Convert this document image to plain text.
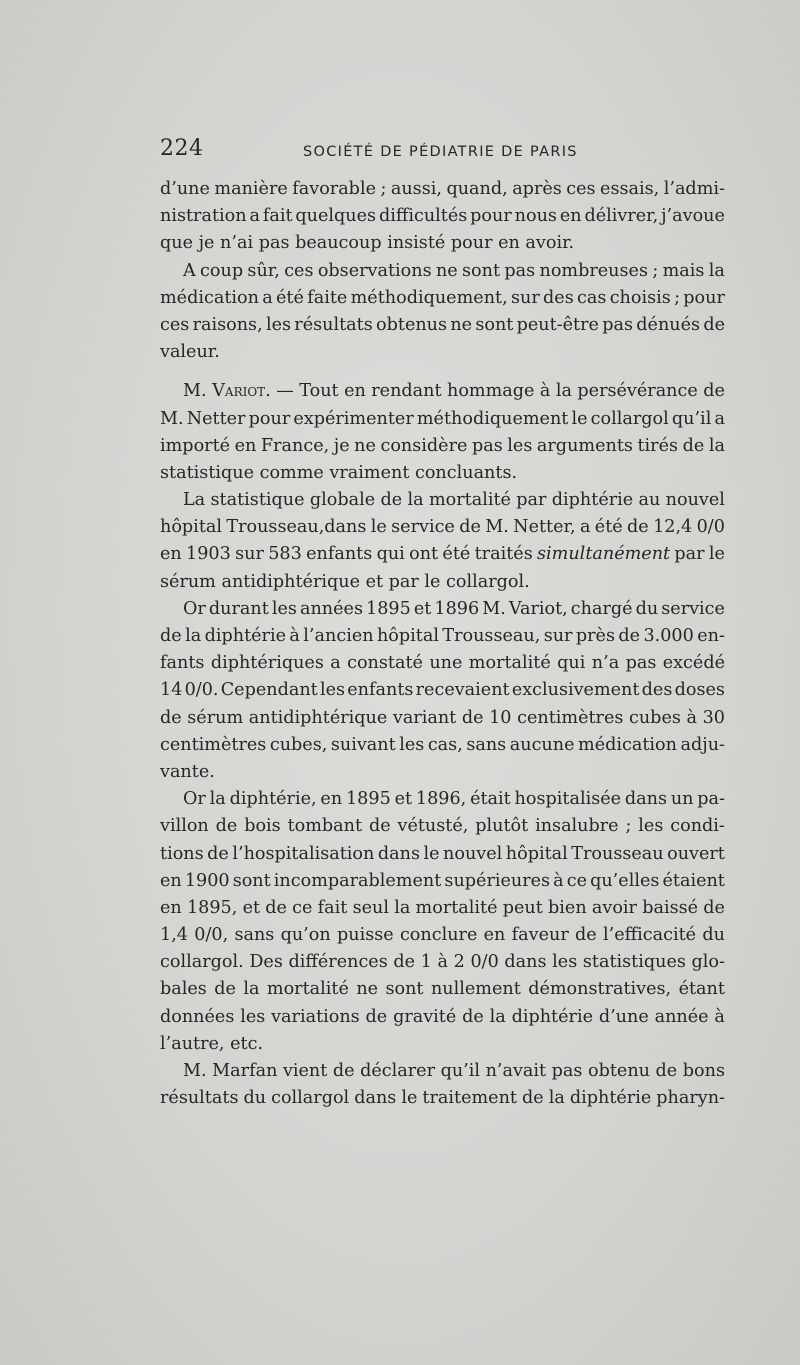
224	SOCIÉTÉ DE PÉDIATRIE DE PARIS
d’une manière favorable ; aussi, quand, après ces essais, l’admi-
nistration a fait quelques difficultés pour nous en délivrer, j’avoue
que je n’ai pas beaucoup insisté pour en avoir.
A coup sûr, ces observations ne sont pas nombreuses ; mais la
médication a été faite méthodiquement, sur des cas choisis ; pour
ces raisons, les résultats obtenus ne sont peut-être pas dénués de
valeur.
M. Variot. — Tout en rendant hommage à la persévérance de
M. Netter pour expérimenter méthodiquement le collargol qu’il a
importé en France, je ne considère pas les arguments tirés de la
statistique comme vraiment concluants.
La statistique globale de la mortalité par diphtérie au nouvel
hôpital Trousseau,dans le service de M. Netter, a été de 12,4 0/0
en 1903 sur 583 enfants qui ont été traités simultanément par le
sérum antidiphtérique et par le collargol.
Or durant les années 1895 et 1896 M. Variot, chargé du service
de la diphtérie à l’ancien hôpital Trousseau, sur près de 3.000 en-
fants diphtériques a constaté une mortalité qui n’a pas excédé
14 0/0. Cependant les enfants recevaient exclusivement des doses
de sérum antidiphtérique variant de 10 centimètres cubes à 30
centimètres cubes, suivant les cas, sans aucune médication adju-
vante.
Or la diphtérie, en 1895 et 1896, était hospitalisée dans un pa-
villon de bois tombant de vétusté, plutôt insalubre ; les condi-
tions de l’hospitalisation dans le nouvel hôpital Trousseau ouvert
en 1900 sont incomparablement supérieures à ce qu’elles étaient
en 1895, et de ce fait seul la mortalité peut bien avoir baissé de
1,4 0/0, sans qu’on puisse conclure en faveur de l’efficacité du
collargol. Des différences de 1 à 2 0/0 dans les statistiques glo-
bales de la mortalité ne sont nullement démonstratives, étant
données les variations de gravité de la diphtérie d’une année à
l’autre, etc.
M. Marfan vient de déclarer qu’il n’avait pas obtenu de bons
résultats du collargol dans le traitement de la diphtérie pharyn-
